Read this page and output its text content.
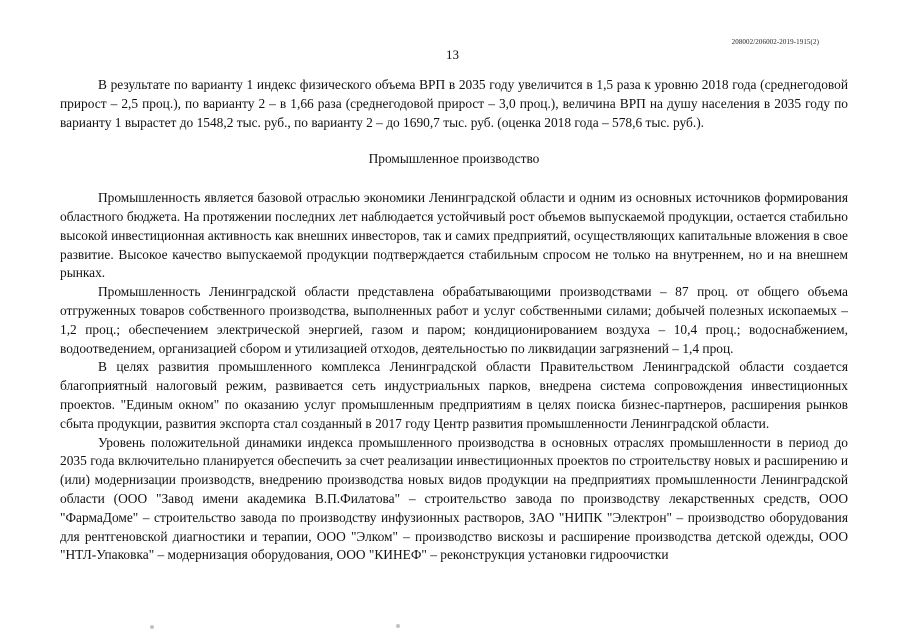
208002/206002-2019-1915(2)
13

В результате по варианту 1 индекс физического объема ВРП в 2035 году увеличится в 1,5 раза к уровню 2018 года (среднегодовой прирост – 2,5 проц.), по варианту 2 – в 1,66 раза (среднегодовой прирост – 3,0 проц.), величина ВРП на душу населения в 2035 году по варианту 1 вырастет до 1548,2 тыс. руб., по варианту 2 – до 1690,7 тыс. руб. (оценка 2018 года – 578,6 тыс. руб.).

Промышленное производство

Промышленность является базовой отраслью экономики Ленинградской области и одним из основных источников формирования областного бюджета. На протяжении последних лет наблюдается устойчивый рост объемов выпускаемой продукции, остается стабильно высокой инвестиционная активность как внешних инвесторов, так и самих предприятий, осуществляющих капитальные вложения в свое развитие. Высокое качество выпускаемой продукции подтверждается стабильным спросом не только на внутреннем, но и на внешнем рынках.

Промышленность Ленинградской области представлена обрабатывающими производствами – 87 проц. от общего объема отгруженных товаров собственного производства, выполненных работ и услуг собственными силами; добычей полезных ископаемых – 1,2 проц.; обеспечением электрической энергией, газом и паром; кондиционированием воздуха – 10,4 проц.; водоснабжением, водоотведением, организацией сбором и утилизацией отходов, деятельностью по ликвидации загрязнений – 1,4 проц.

В целях развития промышленного комплекса Ленинградской области Правительством Ленинградской области создается благоприятный налоговый режим, развивается сеть индустриальных парков, внедрена система сопровождения инвестиционных проектов. "Единым окном" по оказанию услуг промышленным предприятиям в целях поиска бизнес-партнеров, расширения рынков сбыта продукции, развития экспорта стал созданный в 2017 году Центр развития промышленности Ленинградской области.

Уровень положительной динамики индекса промышленного производства в основных отраслях промышленности в период до 2035 года включительно планируется обеспечить за счет реализации инвестиционных проектов по строительству новых и расширению и (или) модернизации производств, внедрению производства новых видов продукции на предприятиях промышленности Ленинградской области (ООО "Завод имени академика В.П.Филатова" – строительство завода по производству лекарственных средств, ООО "ФармаДоме" – строительство завода по производству инфузионных растворов, ЗАО "НИПК "Электрон" – производство оборудования для рентгеновской диагностики и терапии, ООО "Элком" – производство вискозы и расширение производства детской одежды, ООО "НТЛ-Упаковка" – модернизация оборудования, ООО "КИНЕФ" – реконструкция установки гидроочистки
